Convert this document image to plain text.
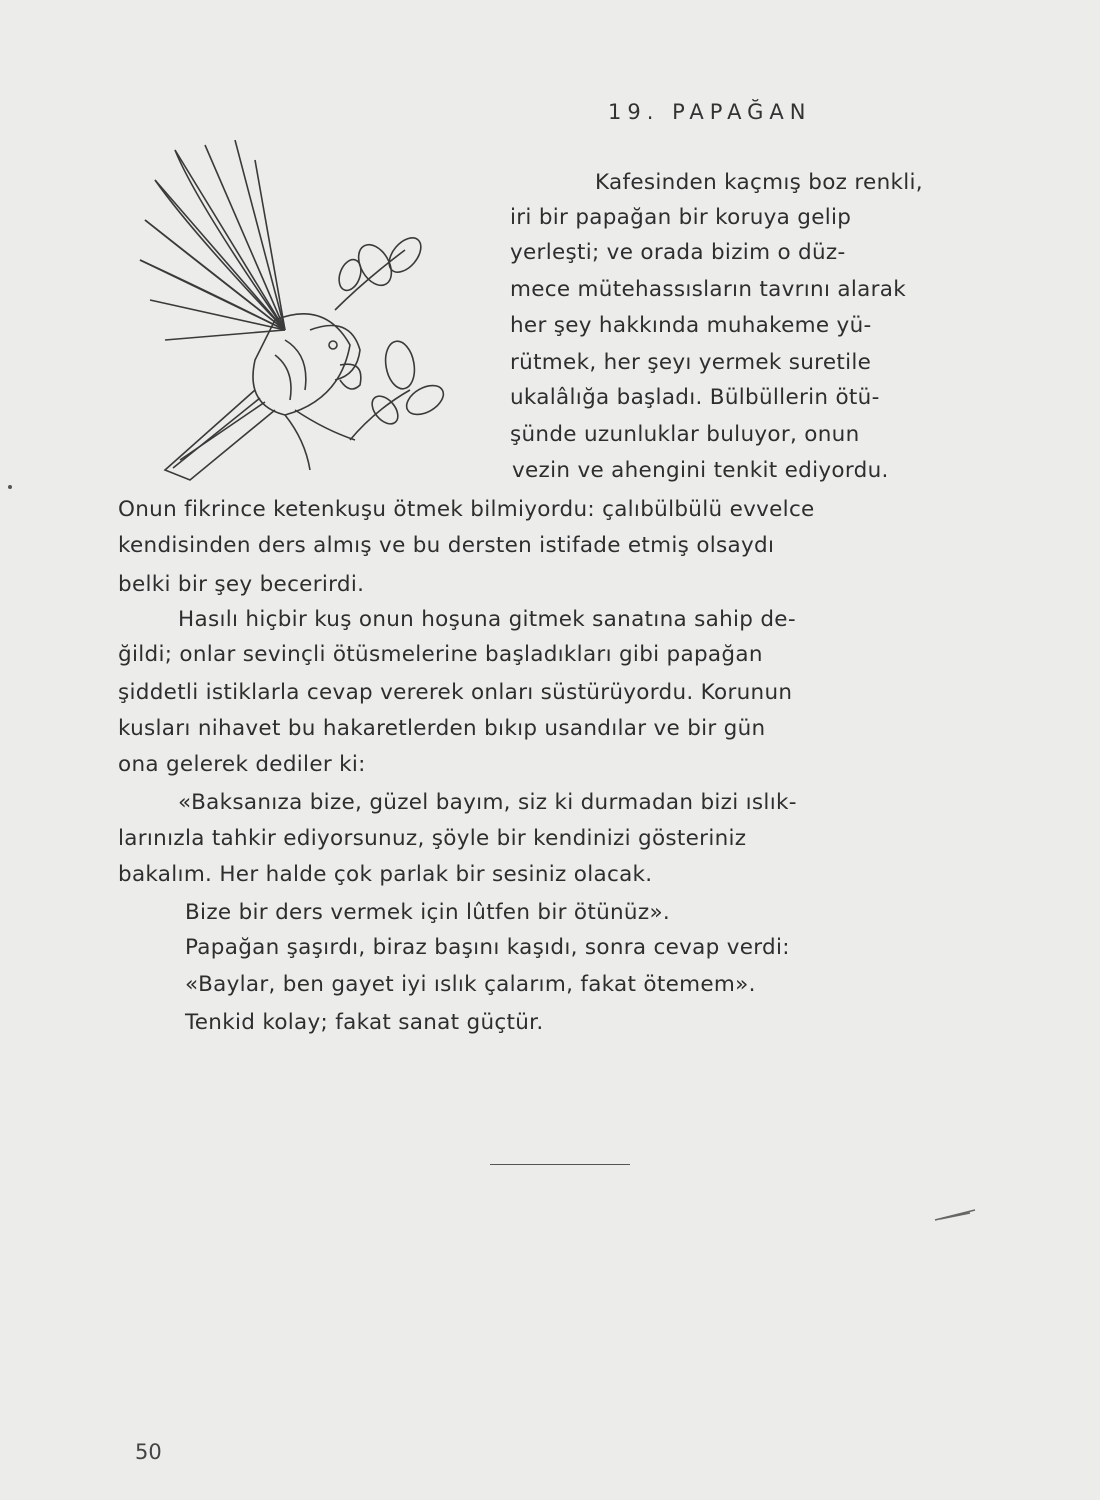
19. PAPAĞAN
Kafesinden kaçmış boz renkli,
iri bir papağan bir koruya gelip
yerleşti; ve orada bizim o düz-
mece mütehassısların tavrını alarak
her şey hakkında muhakeme yü-
rütmek, her şeyı yermek suretile
ukalâlığa başladı. Bülbüllerin ötü-
şünde uzunluklar buluyor, onun
vezin ve ahengini tenkit ediyordu.
Onun fikrince ketenkuşu ötmek bilmiyordu: çalıbülbülü evvelce
kendisinden ders almış ve bu dersten istifade etmiş olsaydı
belki bir şey becerirdi.
Hasılı hiçbir kuş onun hoşuna gitmek sanatına sahip de-
ğildi; onlar sevinçli ötüsmelerine başladıkları gibi papağan
şiddetli istiklarla cevap vererek onları süstürüyordu. Korunun
kusları nihavet bu hakaretlerden bıkıp usandılar ve bir gün
ona gelerek dediler ki:
«Baksanıza bize, güzel bayım, siz ki durmadan bizi ıslık-
larınızla tahkir ediyorsunuz, şöyle bir kendinizi gösteriniz
bakalım. Her halde çok parlak bir sesiniz olacak.
Bize bir ders vermek için lûtfen bir ötünüz».
Papağan şaşırdı, biraz başını kaşıdı, sonra cevap verdi:
«Baylar, ben gayet iyi ıslık çalarım, fakat ötemem».
Tenkid kolay; fakat sanat güçtür.
50
